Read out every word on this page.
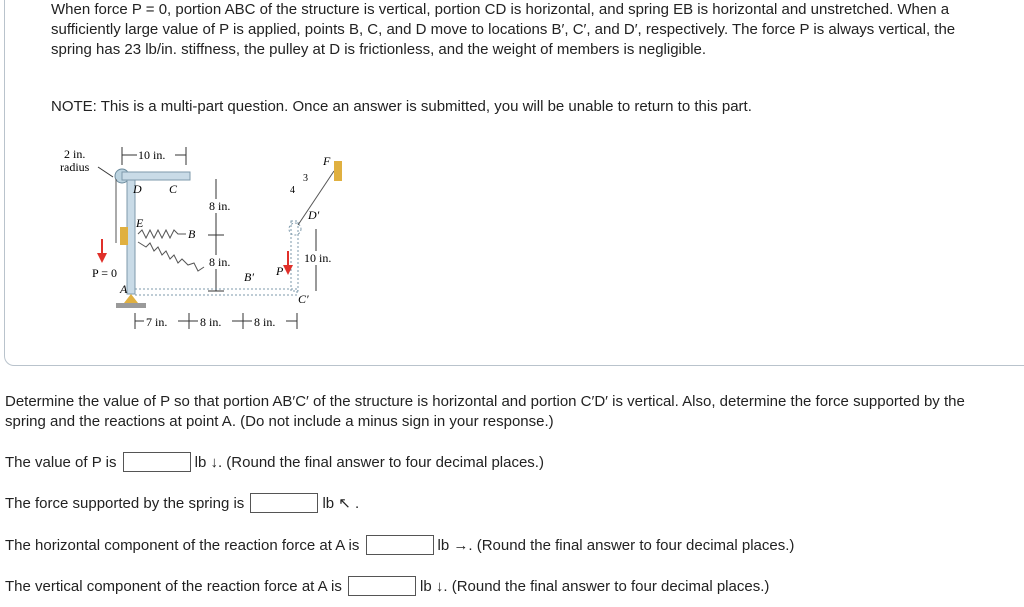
When force P = 0, portion ABC of the structure is vertical, portion CD is horizontal, and spring EB is horizontal and unstretched. When a sufficiently large value of P is applied, points B, C, and D move to locations B′, C′, and D′, respectively. The force P is always vertical, the spring has 23 lb/in. stiffness, the pulley at D is frictionless, and the weight of members is negligible.

NOTE: This is a multi-part question. Once an answer is submitted, you will be unable to return to this part.

2 in.
radius
10 in.
D C
E
B
P = 0
8 in.
8 in.
A
B′
D′
C′
F
3
4
P
10 in.
7 in.	8 in.	8 in.

Determine the value of P so that portion AB′C′ of the structure is horizontal and portion C′D′ is vertical. Also, determine the force supported by the spring and the reactions at point A. (Do not include a minus sign in your response.)

The value of P is	lb ↓. (Round the final answer to four decimal places.)
The force supported by the spring is	lb ↖ .
The horizontal component of the reaction force at A is	lb →. (Round the final answer to four decimal places.)
The vertical component of the reaction force at A is	lb ↓. (Round the final answer to four decimal places.)
